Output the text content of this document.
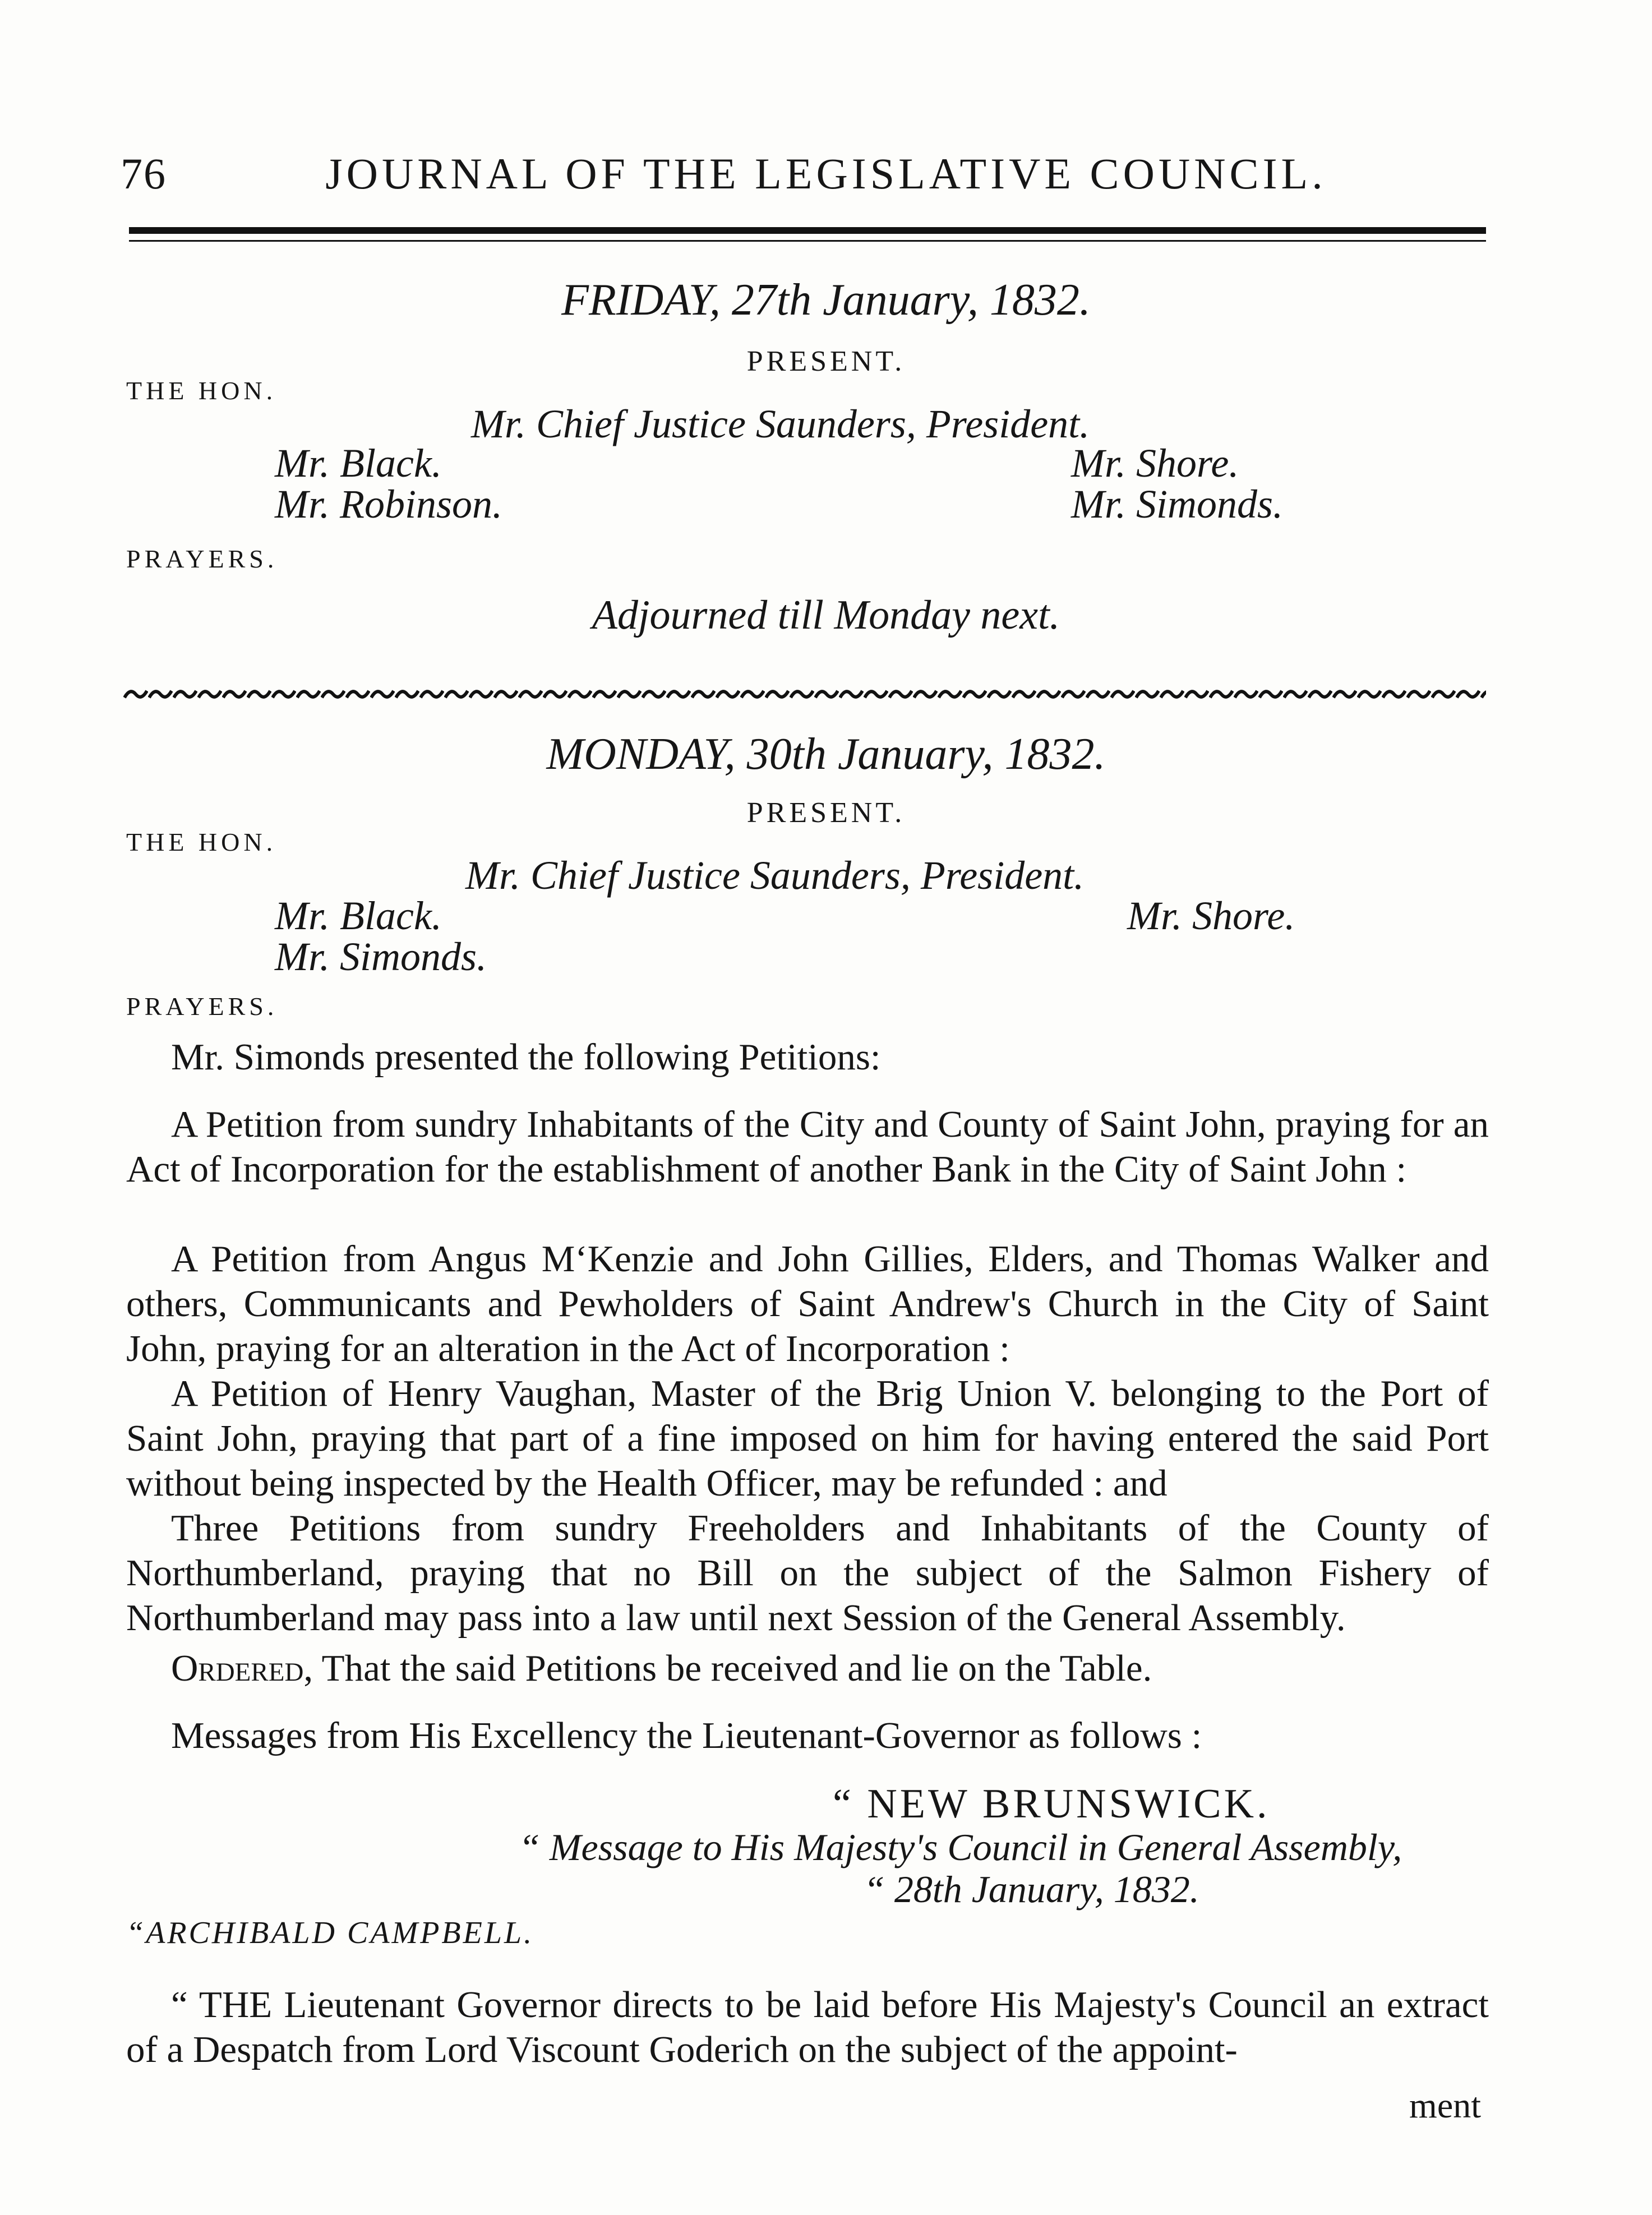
76	JOURNAL OF THE LEGISLATIVE COUNCIL.
FRIDAY, 27th January, 1832.
PRESENT.
THE HON.
Mr. Chief Justice Saunders, President.
Mr. Black.
Mr. Robinson.
Mr. Shore.
Mr. Simonds.
PRAYERS.
Adjourned till Monday next.
MONDAY, 30th January, 1832.
PRESENT.
THE HON.
Mr. Chief Justice Saunders, President.
Mr. Black.
Mr. Simonds.
Mr. Shore.
PRAYERS.

Mr. Simonds presented the following Petitions:

A Petition from sundry Inhabitants of the City and County of Saint John, praying for an Act of Incorporation for the establishment of another Bank in the City of Saint John :

A Petition from Angus M‘Kenzie and John Gillies, Elders, and Thomas Walker and others, Communicants and Pewholders of Saint Andrew's Church in the City of Saint John, praying for an alteration in the Act of Incorporation :

A Petition of Henry Vaughan, Master of the Brig Union V. belonging to the Port of Saint John, praying that part of a fine imposed on him for having entered the said Port without being inspected by the Health Officer, may be refunded : and

Three Petitions from sundry Freeholders and Inhabitants of the County of Northumberland, praying that no Bill on the subject of the Salmon Fishery of Northumberland may pass into a law until next Session of the General Assembly.

Ordered, That the said Petitions be received and lie on the Table.

Messages from His Excellency the Lieutenant-Governor as follows :

“ NEW BRUNSWICK.
“ Message to His Majesty's Council in General Assembly,
“ 28th January, 1832.
“ARCHIBALD CAMPBELL.

“ THE Lieutenant Governor directs to be laid before His Majesty's Council an extract of a Despatch from Lord Viscount Goderich on the subject of the appoint-

ment
